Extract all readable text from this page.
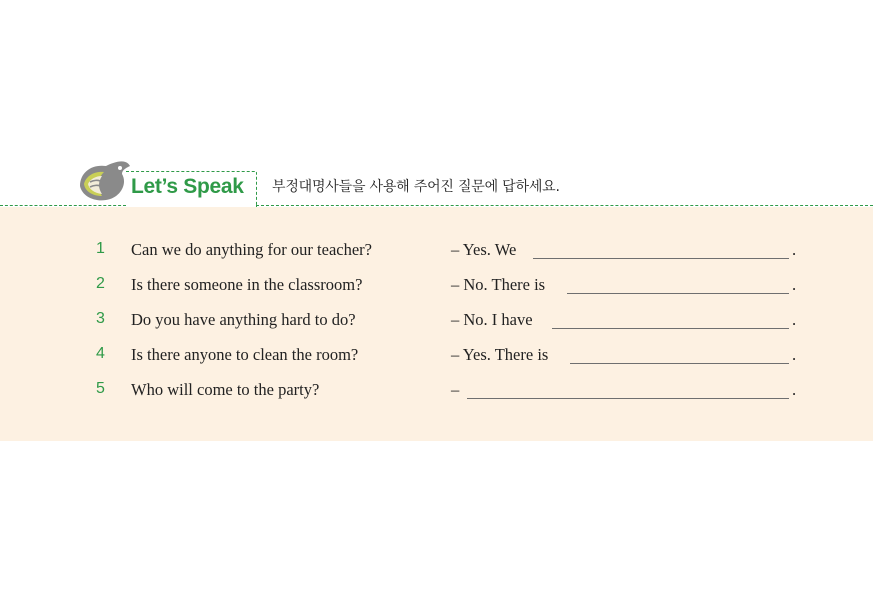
Let’s Speak 부정대명사들을 사용해 주어진 질문에 답하세요.
1	Can we do anything for our teacher?	– Yes. We	.
2	Is there someone in the classroom?	– No. There is	.
3	Do you have anything hard to do?	– No. I have	.
4	Is there anyone to clean the room?	– Yes. There is	.
5	Who will come to the party?	–	.
